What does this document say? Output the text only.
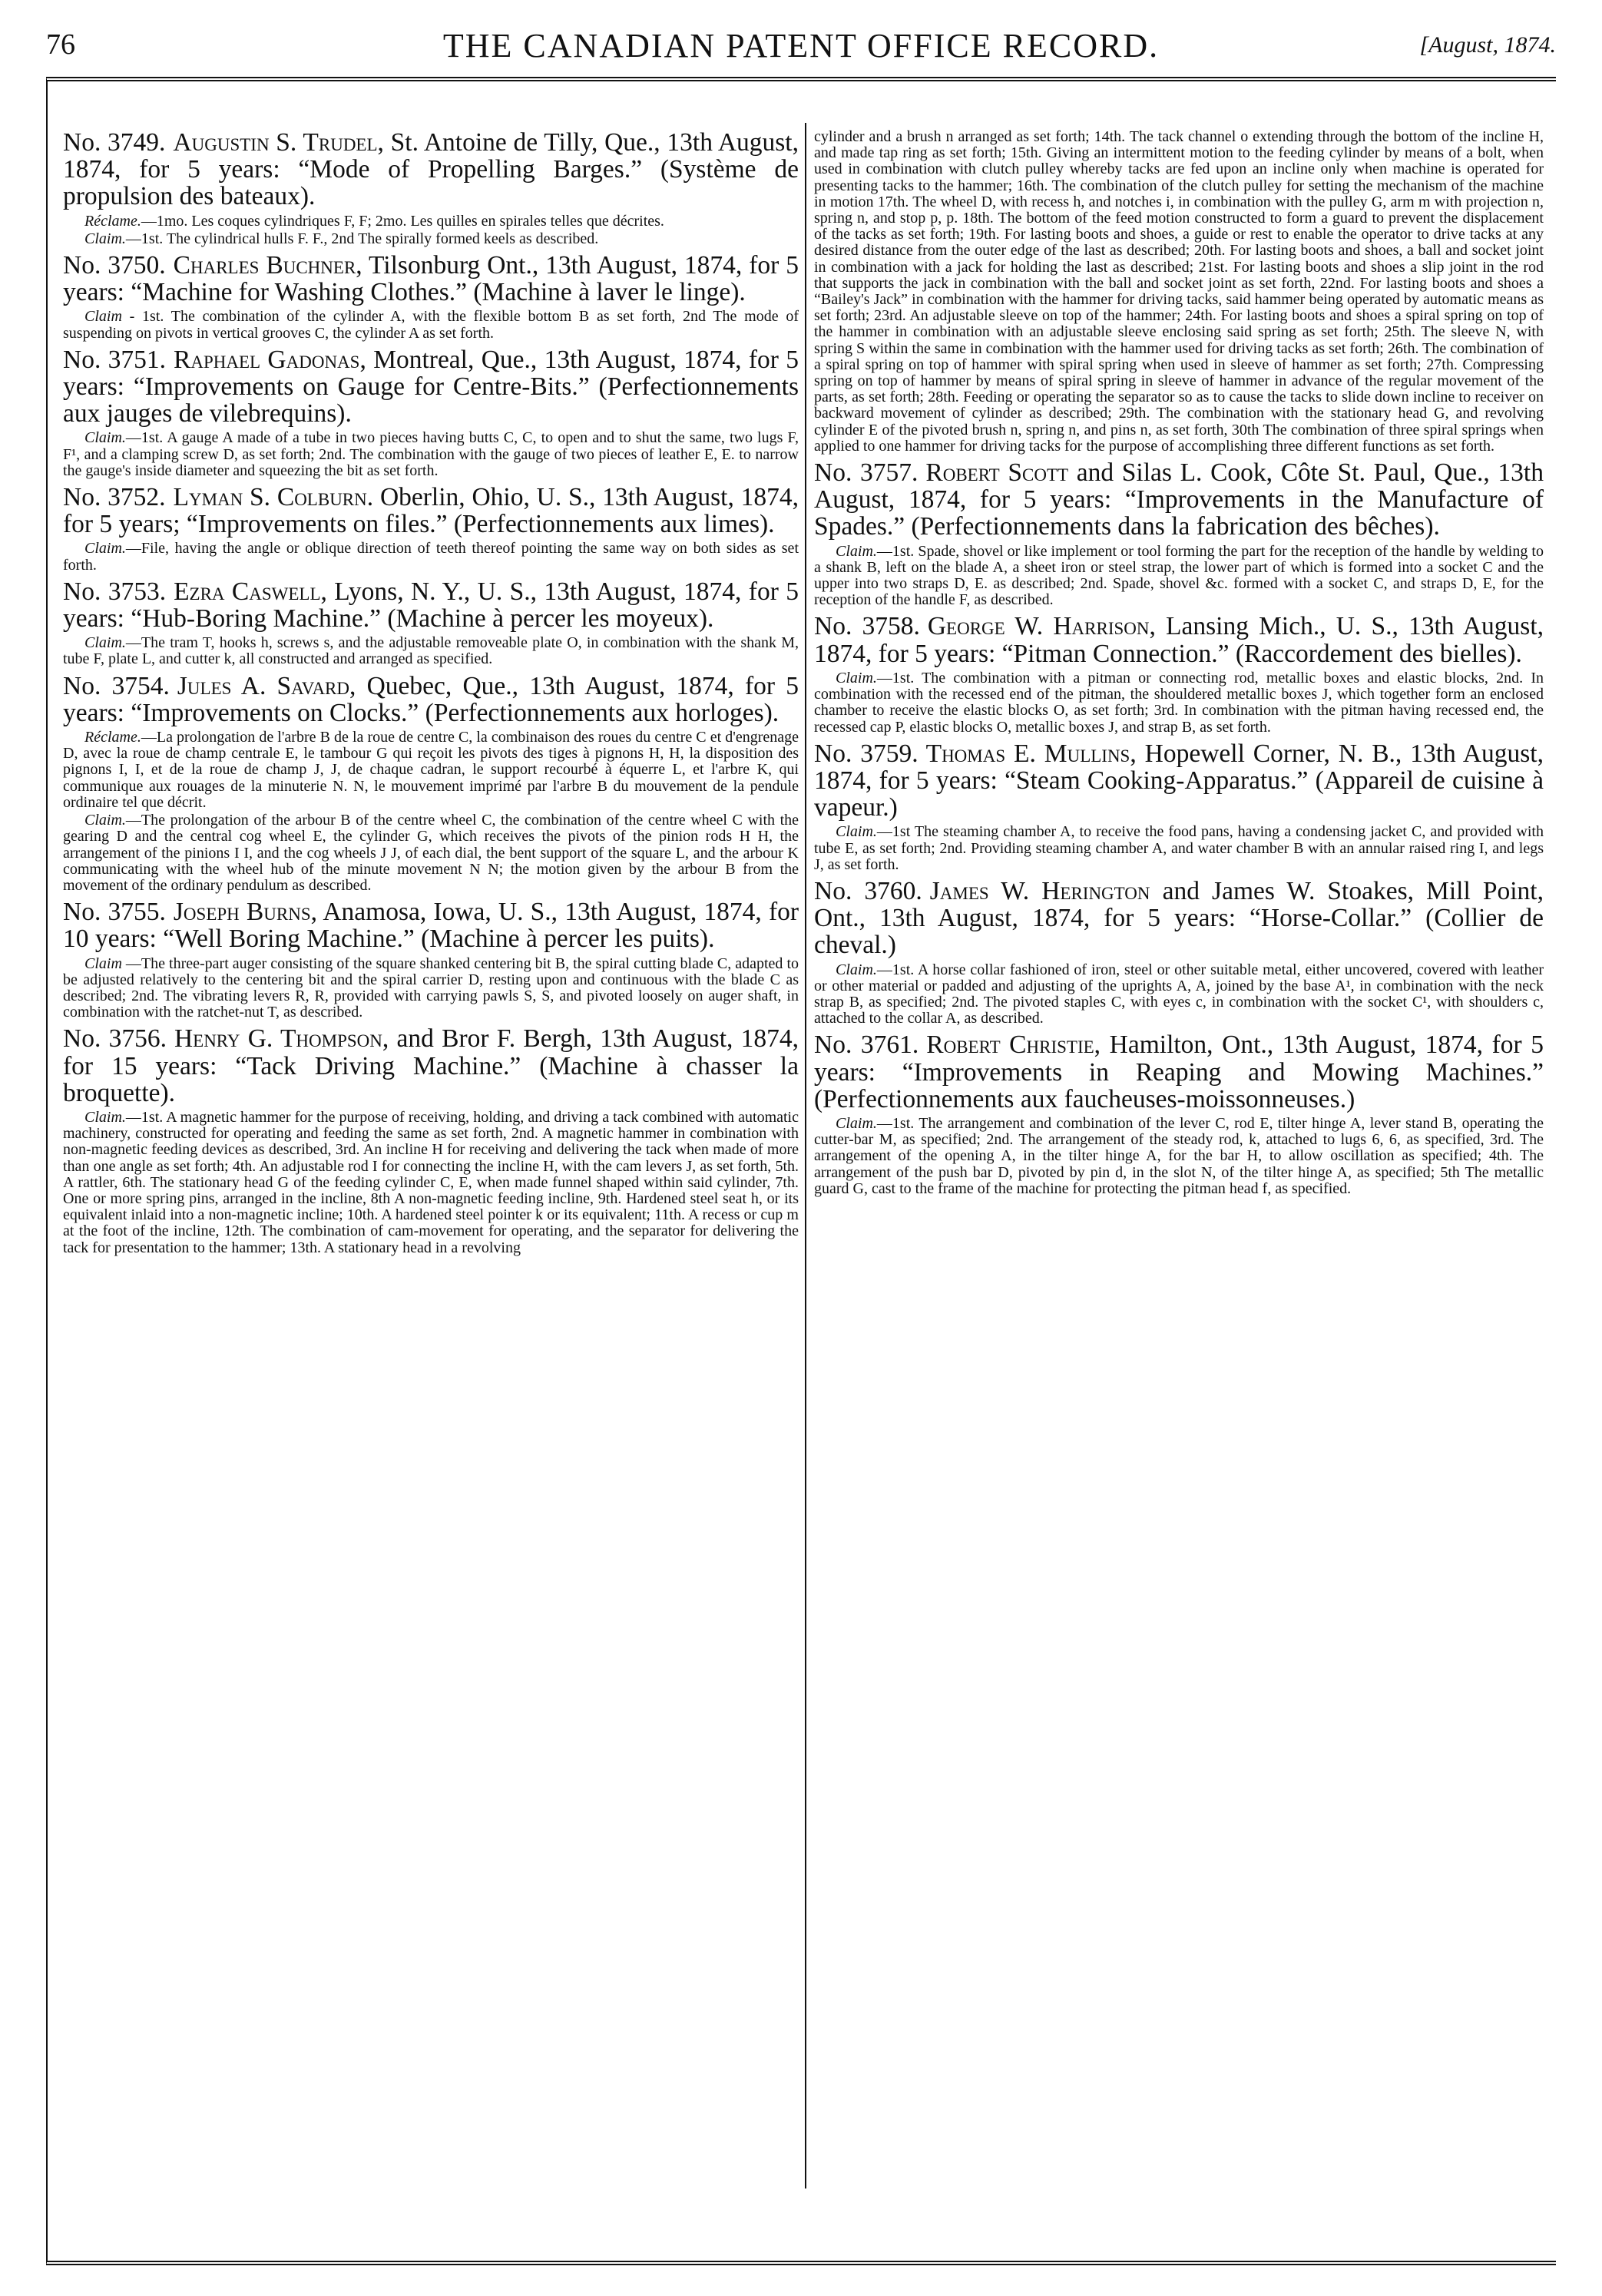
76	THE CANADIAN PATENT OFFICE RECORD.	[August, 1874.

No. 3749. Augustin S. Trudel, St. Antoine de Tilly, Que., 13th August, 1874, for 5 years: “Mode of Propelling Barges.” (Système de propulsion des bateaux).

Réclame.—1mo. Les coques cylindriques F, F; 2mo. Les quilles en spirales telles que décrites.

Claim.—1st. The cylindrical hulls F. F., 2nd The spirally formed keels as described.

No. 3750. Charles Buchner, Tilsonburg Ont., 13th August, 1874, for 5 years: “Machine for Washing Clothes.” (Machine à laver le linge).

Claim - 1st. The combination of the cylinder A, with the flexible bottom B as set forth, 2nd The mode of suspending on pivots in vertical grooves C, the cylinder A as set forth.

No. 3751. Raphael Gadonas, Montreal, Que., 13th August, 1874, for 5 years: “Improvements on Gauge for Centre-Bits.” (Perfectionnements aux jauges de vilebrequins).

Claim.—1st. A gauge A made of a tube in two pieces having butts C, C, to open and to shut the same, two lugs F, F¹, and a clamping screw D, as set forth; 2nd. The combination with the gauge of two pieces of leather E, E. to narrow the gauge's inside diameter and squeezing the bit as set forth.

No. 3752. Lyman S. Colburn. Oberlin, Ohio, U. S., 13th August, 1874, for 5 years; “Improvements on files.” (Perfectionnements aux limes).

Claim.—File, having the angle or oblique direction of teeth thereof pointing the same way on both sides as set forth.

No. 3753. Ezra Caswell, Lyons, N. Y., U. S., 13th August, 1874, for 5 years: “Hub-Boring Machine.” (Machine à percer les moyeux).

Claim.—The tram T, hooks h, screws s, and the adjustable removeable plate O, in combination with the shank M, tube F, plate L, and cutter k, all constructed and arranged as specified.

No. 3754. Jules A. Savard, Quebec, Que., 13th August, 1874, for 5 years: “Improvements on Clocks.” (Perfectionnements aux horloges).

Réclame.—La prolongation de l'arbre B de la roue de centre C, la combinaison des roues du centre C et d'engrenage D, avec la roue de champ centrale E, le tambour G qui reçoit les pivots des tiges à pignons H, H, la disposition des pignons I, I, et de la roue de champ J, J, de chaque cadran, le support recourbé à équerre L, et l'arbre K, qui communique aux rouages de la minuterie N. N, le mouvement imprimé par l'arbre B du mouvement de la pendule ordinaire tel que décrit.

Claim.—The prolongation of the arbour B of the centre wheel C, the combination of the centre wheel C with the gearing D and the central cog wheel E, the cylinder G, which receives the pivots of the pinion rods H H, the arrangement of the pinions I I, and the cog wheels J J, of each dial, the bent support of the square L, and the arbour K communicating with the wheel hub of the minute movement N N; the motion given by the arbour B from the movement of the ordinary pendulum as described.

No. 3755. Joseph Burns, Anamosa, Iowa, U. S., 13th August, 1874, for 10 years: “Well Boring Machine.” (Machine à percer les puits).

Claim —The three-part auger consisting of the square shanked centering bit B, the spiral cutting blade C, adapted to be adjusted relatively to the centering bit and the spiral carrier D, resting upon and continuous with the blade C as described; 2nd. The vibrating levers R, R, provided with carrying pawls S, S, and pivoted loosely on auger shaft, in combination with the ratchet-nut T, as described.

No. 3756. Henry G. Thompson, and Bror F. Bergh, 13th August, 1874, for 15 years: “Tack Driving Machine.” (Machine à chasser la broquette).

Claim.—1st. A magnetic hammer for the purpose of receiving, holding, and driving a tack combined with automatic machinery, constructed for operating and feeding the same as set forth, 2nd. A magnetic hammer in combination with non-magnetic feeding devices as described, 3rd. An incline H for receiving and delivering the tack when made of more than one angle as set forth; 4th. An adjustable rod I for connecting the incline H, with the cam levers J, as set forth, 5th. A rattler, 6th. The stationary head G of the feeding cylinder C, E, when made funnel shaped within said cylinder, 7th. One or more spring pins, arranged in the incline, 8th A non-magnetic feeding incline, 9th. Hardened steel seat h, or its equivalent inlaid into a non-magnetic incline; 10th. A hardened steel pointer k or its equivalent; 11th. A recess or cup m at the foot of the incline, 12th. The combination of cam-movement for operating, and the separator for delivering the tack for presentation to the hammer; 13th. A stationary head in a revolving

cylinder and a brush n arranged as set forth; 14th. The tack channel o extending through the bottom of the incline H, and made tap ring as set forth; 15th. Giving an intermittent motion to the feeding cylinder by means of a bolt, when used in combination with clutch pulley whereby tacks are fed upon an incline only when machine is operated for presenting tacks to the hammer; 16th. The combination of the clutch pulley for setting the mechanism of the machine in motion 17th. The wheel D, with recess h, and notches i, in combination with the pulley G, arm m with projection n, spring n, and stop p, p. 18th. The bottom of the feed motion constructed to form a guard to prevent the displacement of the tacks as set forth; 19th. For lasting boots and shoes, a guide or rest to enable the operator to drive tacks at any desired distance from the outer edge of the last as described; 20th. For lasting boots and shoes, a ball and socket joint in combination with a jack for holding the last as described; 21st. For lasting boots and shoes a slip joint in the rod that supports the jack in combination with the ball and socket joint as set forth, 22nd. For lasting boots and shoes a “Bailey's Jack” in combination with the hammer for driving tacks, said hammer being operated by automatic means as set forth; 23rd. An adjustable sleeve on top of the hammer; 24th. For lasting boots and shoes a spiral spring on top of the hammer in combination with an adjustable sleeve enclosing said spring as set forth; 25th. The sleeve N, with spring S within the same in combination with the hammer used for driving tacks as set forth; 26th. The combination of a spiral spring on top of hammer with spiral spring when used in sleeve of hammer as set forth; 27th. Compressing spring on top of hammer by means of spiral spring in sleeve of hammer in advance of the regular movement of the parts, as set forth; 28th. Feeding or operating the separator so as to cause the tacks to slide down incline to receiver on backward movement of cylinder as described; 29th. The combination with the stationary head G, and revolving cylinder E of the pivoted brush n, spring n, and pins n, as set forth, 30th The combination of three spiral springs when applied to one hammer for driving tacks for the purpose of accomplishing three different functions as set forth.

No. 3757. Robert Scott and Silas L. Cook, Côte St. Paul, Que., 13th August, 1874, for 5 years: “Improvements in the Manufacture of Spades.” (Perfectionnements dans la fabrication des bêches).

Claim.—1st. Spade, shovel or like implement or tool forming the part for the reception of the handle by welding to a shank B, left on the blade A, a sheet iron or steel strap, the lower part of which is formed into a socket C and the upper into two straps D, E. as described; 2nd. Spade, shovel &c. formed with a socket C, and straps D, E, for the reception of the handle F, as described.

No. 3758. George W. Harrison, Lansing Mich., U. S., 13th August, 1874, for 5 years: “Pitman Connection.” (Raccordement des bielles).

Claim.—1st. The combination with a pitman or connecting rod, metallic boxes and elastic blocks, 2nd. In combination with the recessed end of the pitman, the shouldered metallic boxes J, which together form an enclosed chamber to receive the elastic blocks O, as set forth; 3rd. In combination with the pitman having recessed end, the recessed cap P, elastic blocks O, metallic boxes J, and strap B, as set forth.

No. 3759. Thomas E. Mullins, Hopewell Corner, N. B., 13th August, 1874, for 5 years: “Steam Cooking-Apparatus.” (Appareil de cuisine à vapeur.)

Claim.—1st The steaming chamber A, to receive the food pans, having a condensing jacket C, and provided with tube E, as set forth; 2nd. Providing steaming chamber A, and water chamber B with an annular raised ring I, and legs J, as set forth.

No. 3760. James W. Herington and James W. Stoakes, Mill Point, Ont., 13th August, 1874, for 5 years: “Horse-Collar.” (Collier de cheval.)

Claim.—1st. A horse collar fashioned of iron, steel or other suitable metal, either uncovered, covered with leather or other material or padded and adjusting of the uprights A, A, joined by the base A¹, in combination with the neck strap B, as specified; 2nd. The pivoted staples C, with eyes c, in combination with the socket C¹, with shoulders c, attached to the collar A, as described.

No. 3761. Robert Christie, Hamilton, Ont., 13th August, 1874, for 5 years: “Improvements in Reaping and Mowing Machines.” (Perfectionnements aux faucheuses-moissonneuses.)

Claim.—1st. The arrangement and combination of the lever C, rod E, tilter hinge A, lever stand B, operating the cutter-bar M, as specified; 2nd. The arrangement of the steady rod, k, attached to lugs 6, 6, as specified, 3rd. The arrangement of the opening A, in the tilter hinge A, for the bar H, to allow oscillation as specified; 4th. The arrangement of the push bar D, pivoted by pin d, in the slot N, of the tilter hinge A, as specified; 5th The metallic guard G, cast to the frame of the machine for protecting the pitman head f, as specified.
